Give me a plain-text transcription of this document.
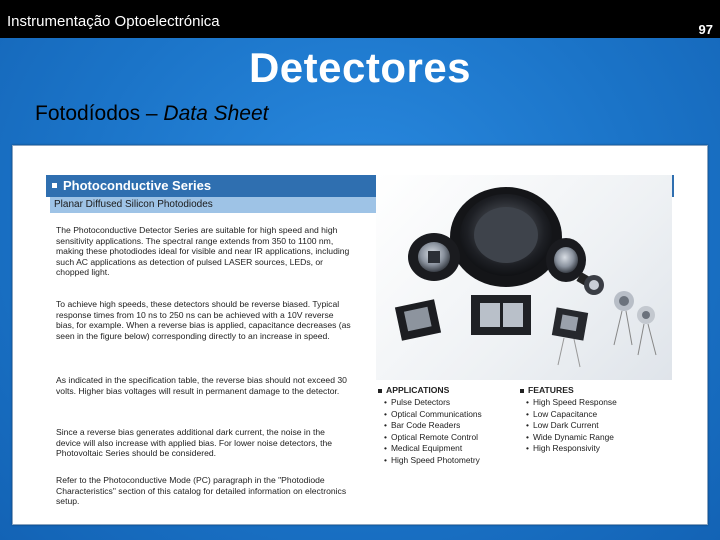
Instrumentação Optoelectrónica	97
Detectores
Fotodíodos – Data Sheet
Photoconductive Series
Planar Diffused Silicon Photodiodes

The Photoconductive Detector Series are suitable for high speed and high sensitivity applications. The spectral range extends from 350 to 1100 nm, making these photodiodes ideal for visible and near IR applications, including such AC applications as detection of pulsed LASER sources, LEDs, or chopped light.

To achieve high speeds, these detectors should be reverse biased. Typical response times from 10 ns to 250 ns can be achieved with a 10V reverse bias, for example. When a reverse bias is applied, capacitance decreases (as seen in the figure below) corresponding directly to an increase in speed.

As indicated in the specification table, the reverse bias should not exceed 30 volts. Higher bias voltages will result in permanent damage to the detector.

Since a reverse bias generates additional dark current, the noise in the device will also increase with applied bias. For lower noise detectors, the Photovoltaic Series should be considered.

Refer to the Photoconductive Mode (PC) paragraph in the "Photodiode Characteristics" section of this catalog for detailed information on electronics setup.

APPLICATIONS
• Pulse Detectors
• Optical Communications
• Bar Code Readers
• Optical Remote Control
• Medical Equipment
• High Speed Photometry
FEATURES
• High Speed Response
• Low Capacitance
• Low Dark Current
• Wide Dynamic Range
• High Responsivity
